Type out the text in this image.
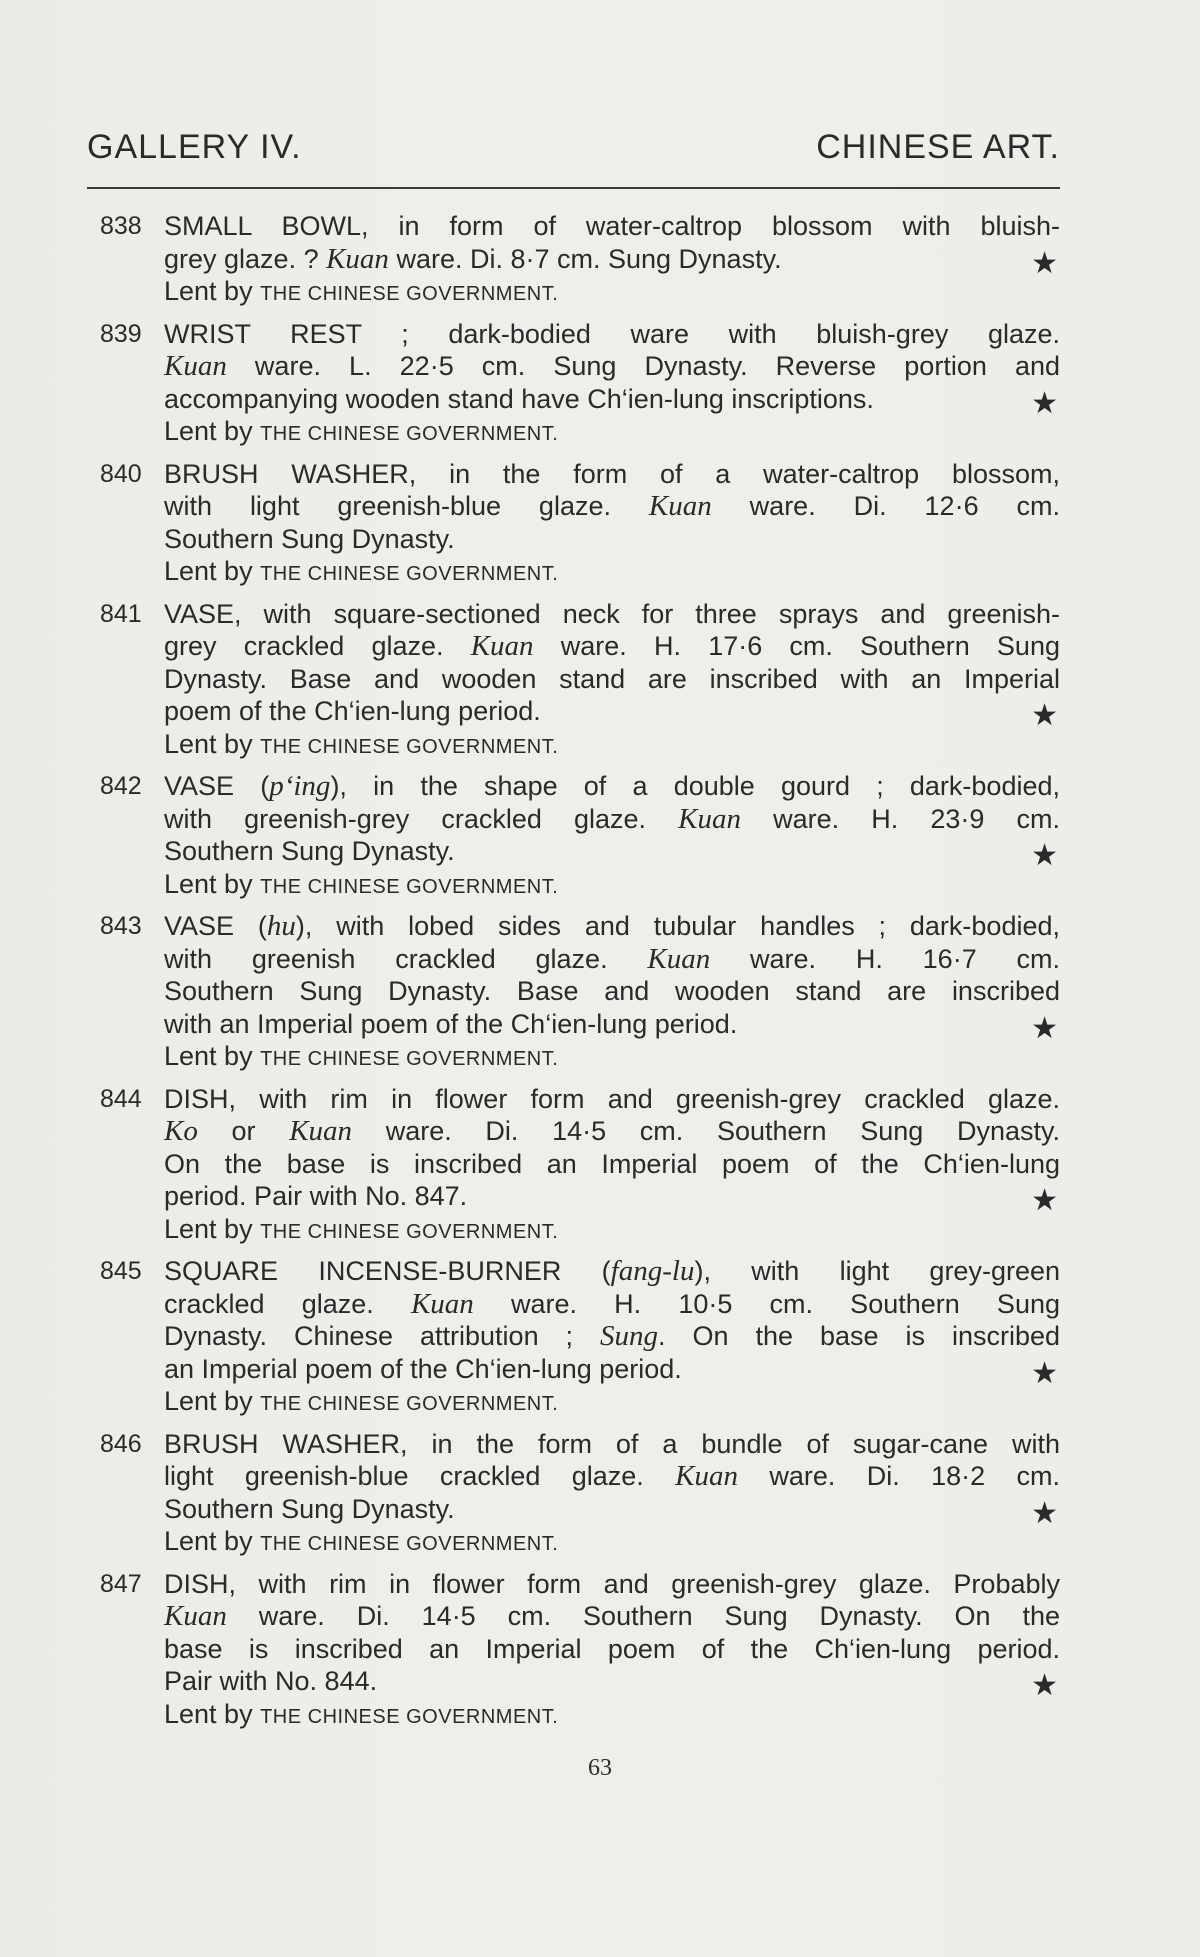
GALLERY IV.	CHINESE ART.
838 SMALL BOWL, in form of water-caltrop blossom with bluish-
grey glaze. ? Kuan ware. Di. 8·7 cm. Sung Dynasty.	★
Lent by THE CHINESE GOVERNMENT.
839 WRIST REST ; dark-bodied ware with bluish-grey glaze.
Kuan ware. L. 22·5 cm. Sung Dynasty. Reverse portion and
accompanying wooden stand have Ch‘ien-lung inscriptions.	★
Lent by THE CHINESE GOVERNMENT.
840 BRUSH WASHER, in the form of a water-caltrop blossom,
with light greenish-blue glaze. Kuan ware. Di. 12·6 cm.
Southern Sung Dynasty.
Lent by THE CHINESE GOVERNMENT.
841 VASE, with square-sectioned neck for three sprays and greenish-
grey crackled glaze. Kuan ware. H. 17·6 cm. Southern Sung
Dynasty. Base and wooden stand are inscribed with an Imperial
poem of the Ch‘ien-lung period.	★
Lent by THE CHINESE GOVERNMENT.
842 VASE (p‘ing), in the shape of a double gourd ; dark-bodied,
with greenish-grey crackled glaze. Kuan ware. H. 23·9 cm.
Southern Sung Dynasty.	★
Lent by THE CHINESE GOVERNMENT.
843 VASE (hu), with lobed sides and tubular handles ; dark-bodied,
with greenish crackled glaze. Kuan ware. H. 16·7 cm.
Southern Sung Dynasty. Base and wooden stand are inscribed
with an Imperial poem of the Ch‘ien-lung period.	★
Lent by THE CHINESE GOVERNMENT.
844 DISH, with rim in flower form and greenish-grey crackled glaze.
Ko or Kuan ware. Di. 14·5 cm. Southern Sung Dynasty.
On the base is inscribed an Imperial poem of the Ch‘ien-lung
period. Pair with No. 847.	★
Lent by THE CHINESE GOVERNMENT.
845 SQUARE INCENSE-BURNER (fang-lu), with light grey-green
crackled glaze. Kuan ware. H. 10·5 cm. Southern Sung
Dynasty. Chinese attribution ; Sung. On the base is inscribed
an Imperial poem of the Ch‘ien-lung period.	★
Lent by THE CHINESE GOVERNMENT.
846 BRUSH WASHER, in the form of a bundle of sugar-cane with
light greenish-blue crackled glaze. Kuan ware. Di. 18·2 cm.
Southern Sung Dynasty.	★
Lent by THE CHINESE GOVERNMENT.
847 DISH, with rim in flower form and greenish-grey glaze. Probably
Kuan ware. Di. 14·5 cm. Southern Sung Dynasty. On the
base is inscribed an Imperial poem of the Ch‘ien-lung period.
Pair with No. 844.	★
Lent by THE CHINESE GOVERNMENT.
63
